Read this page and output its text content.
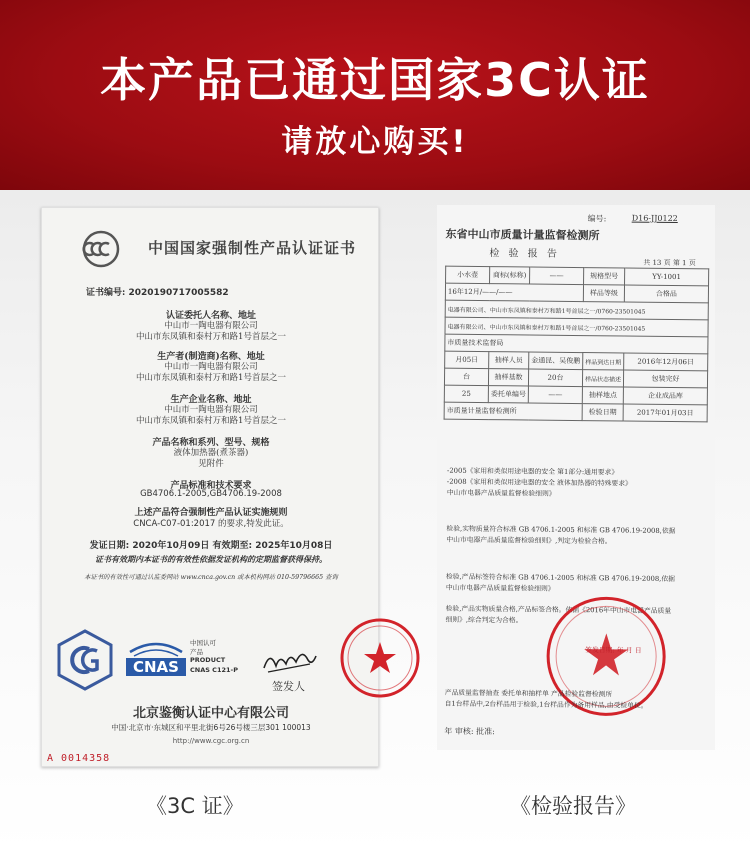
本产品已通过国家3C认证
请放心购买!
中国国家强制性产品认证证书
证书编号: 2020190717005582
认证委托人名称、地址
中山市一陶电器有限公司
中山市东凤镇和泰村万和路1号首层之一
生产者(制造商)名称、地址
中山市一陶电器有限公司
中山市东凤镇和泰村万和路1号首层之一
生产企业名称、地址
中山市一陶电器有限公司
中山市东凤镇和泰村万和路1号首层之一
产品名称和系列、型号、规格
液体加热器(煮茶器)
见附件
产品标准和技术要求
GB4706.1-2005,GB4706.19-2008
上述产品符合强制性产品认证实施规则
CNCA-C07-01:2017 的要求,特发此证。
发证日期: 2020年10月09日 有效期至: 2025年10月08日
证书有效期内本证书的有效性依据发证机构的定期监督获得保持。
本证书的有效性可通过认监委网站 www.cnca.gov.cn 或本机构网站 010-59796665 查询
CNAS
中国认可
产品
PRODUCT
CNAS C121-P
签发人
北京鉴衡认证中心有限公司
中国·北京市·东城区和平里北街6号26号楼三层301 100013
http://www.cgc.org.cn
A 0014358
编号:	D16-JJ0122
东省中山市质量计量监督检测所
检 验 报 告
共 13 页 第 1 页
小水壶	商标(标称)	——	规格型号	YY-1001
16年12月/——/——			样品等级	合格品
电器有限公司、中山市东凤镇和泰村万和路1号首层之一/0760-23501045				
电器有限公司、中山市东凤镇和泰村万和路1号首层之一/0760-23501045				
市质量技术监督局				
月05日	抽样人员	金通昆、吴俊鹏	样品到达日期	2016年12月06日
台	抽样基数	20台	样品状态描述	包装完好
25	委托单编号	——	抽样地点	企业成品库
市质量计量监督检测所			检验日期	2017年01月03日
-2005《家用和类似用途电器的安全 第1部分:通用要求》
-2008《家用和类似用途电器的安全 液体加热器的特殊要求》
中山市电器产品质量监督检验细则》
检验,实物质量符合标准 GB 4706.1-2005 和标准 GB 4706.19-2008,依据
中山市电器产品质量监督检验细则》,判定为检验合格。
检验,产品标签符合标准 GB 4706.1-2005 和标准 GB 4706.19-2008,依据
中山市电器产品质量监督检验细则》
检验,产品实物质量合格,产品标签合格。依据《2016年中山市电器产品质量
细则》,综合判定为合格。
签发日期: 年 月 日
产品质量监督抽查 委托单和抽样单 产品检验监督检测所
自1台样品中,2台样品用于检验,1台样品作为备用样品,由受检单位。
年 审核: 批准:
《3C 证》	《检验报告》
